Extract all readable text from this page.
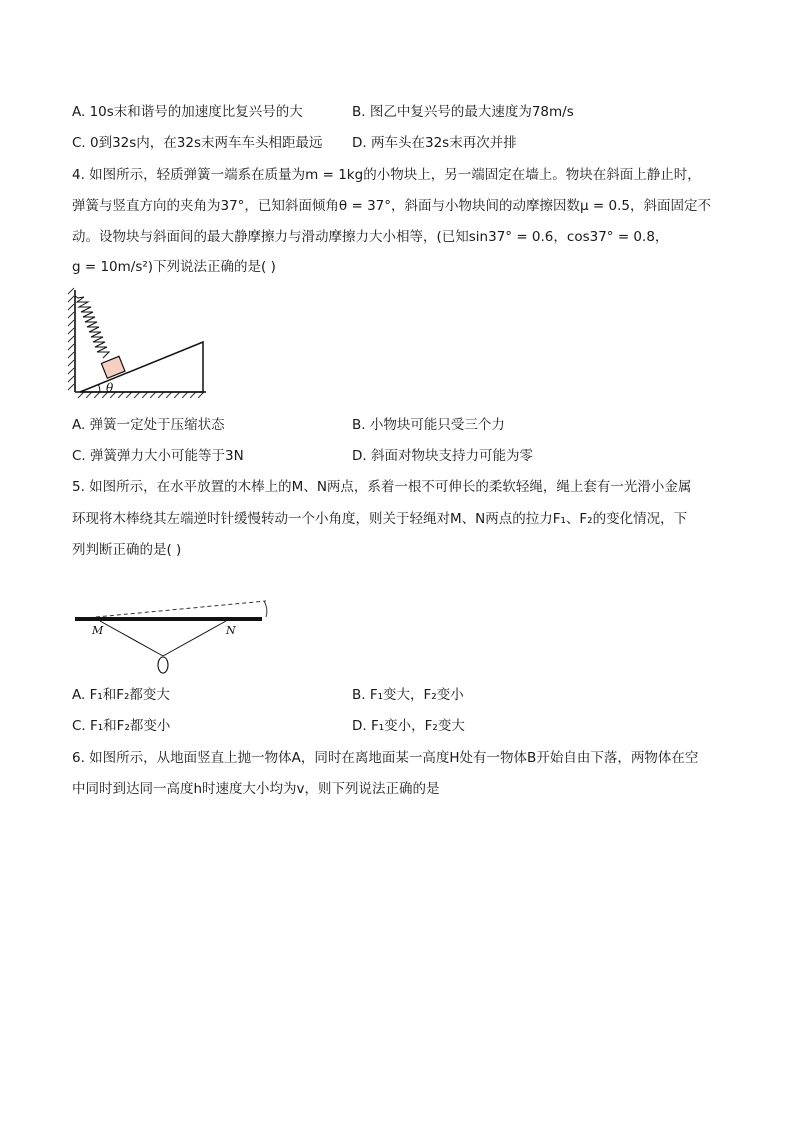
A. 10s末和谐号的加速度比复兴号的大	B. 图乙中复兴号的最大速度为78m/s
C. 0到32s内，在32s末两车车头相距最远 D. 两车头在32s末再次并排
4. 如图所示，轻质弹簧一端系在质量为m = 1kg的小物块上，另一端固定在墙上。物块在斜面上静止时，
弹簧与竖直方向的夹角为37°，已知斜面倾角θ = 37°，斜面与小物块间的动摩擦因数μ = 0.5，斜面固定不
动。设物块与斜面间的最大静摩擦力与滑动摩擦力大小相等，(已知sin37° = 0.6，cos37° = 0.8，
g = 10m/s²)下列说法正确的是( )
θ
A. 弹簧一定处于压缩状态	B. 小物块可能只受三个力
C. 弹簧弹力大小可能等于3N	D. 斜面对物块支持力可能为零
5. 如图所示，在水平放置的木棒上的M、N两点，系着一根不可伸长的柔软轻绳，绳上套有一光滑小金属
环现将木棒绕其左端逆时针缓慢转动一个小角度，则关于轻绳对M、N两点的拉力F₁、F₂的变化情况，下
列判断正确的是( )
M	N
A. F₁和F₂都变大	B. F₁变大，F₂变小
C. F₁和F₂都变小	D. F₁变小，F₂变大
6. 如图所示，从地面竖直上抛一物体A，同时在离地面某一高度H处有一物体B开始自由下落，两物体在空
中同时到达同一高度h时速度大小均为v，则下列说法正确的是
